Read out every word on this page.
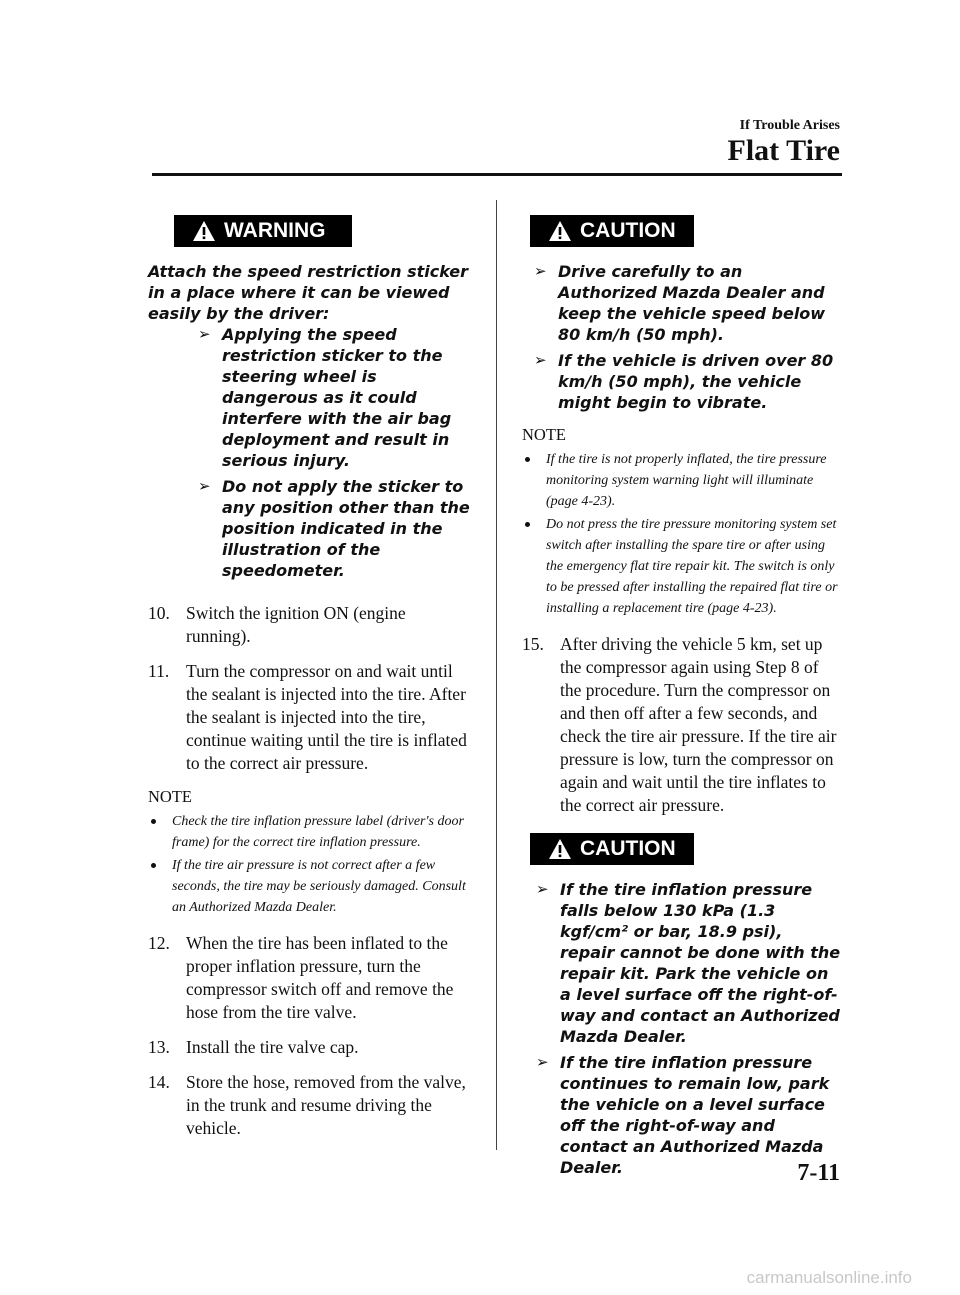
If Trouble Arises
Flat Tire
WARNING

Attach the speed restriction sticker in a place where it can be viewed easily by the driver:

➢ Applying the speed restriction sticker to the steering wheel is dangerous as it could interfere with the air bag deployment and result in serious injury.
➢ Do not apply the sticker to any position other than the position indicated in the illustration of the speedometer.

10. Switch the ignition ON (engine running).

11. Turn the compressor on and wait until the sealant is injected into the tire. After the sealant is injected into the tire, continue waiting until the tire is inflated to the correct air pressure.

NOTE
Check the tire inflation pressure label (driver's door frame) for the correct tire inflation pressure.
If the tire air pressure is not correct after a few seconds, the tire may be seriously damaged. Consult an Authorized Mazda Dealer.

12. When the tire has been inflated to the proper inflation pressure, turn the compressor switch off and remove the hose from the tire valve.

13. Install the tire valve cap.

14. Store the hose, removed from the valve, in the trunk and resume driving the vehicle.

CAUTION
➢ Drive carefully to an Authorized Mazda Dealer and keep the vehicle speed below 80 km/h (50 mph).
➢ If the vehicle is driven over 80 km/h (50 mph), the vehicle might begin to vibrate.
NOTE
If the tire is not properly inflated, the tire pressure monitoring system warning light will illuminate (page 4-23).
Do not press the tire pressure monitoring system set switch after installing the spare tire or after using the emergency flat tire repair kit. The switch is only to be pressed after installing the repaired flat tire or installing a replacement tire (page 4-23).

15. After driving the vehicle 5 km, set up the compressor again using Step 8 of the procedure. Turn the compressor on and then off after a few seconds, and check the tire air pressure. If the tire air pressure is low, turn the compressor on again and wait until the tire inflates to the correct air pressure.

CAUTION
➢ If the tire inflation pressure falls below 130 kPa (1.3 kgf/cm² or bar, 18.9 psi), repair cannot be done with the repair kit. Park the vehicle on a level surface off the right-of-way and contact an Authorized Mazda Dealer.
➢ If the tire inflation pressure continues to remain low, park the vehicle on a level surface off the right-of-way and contact an Authorized Mazda Dealer.	7-11
carmanualsonline.info
